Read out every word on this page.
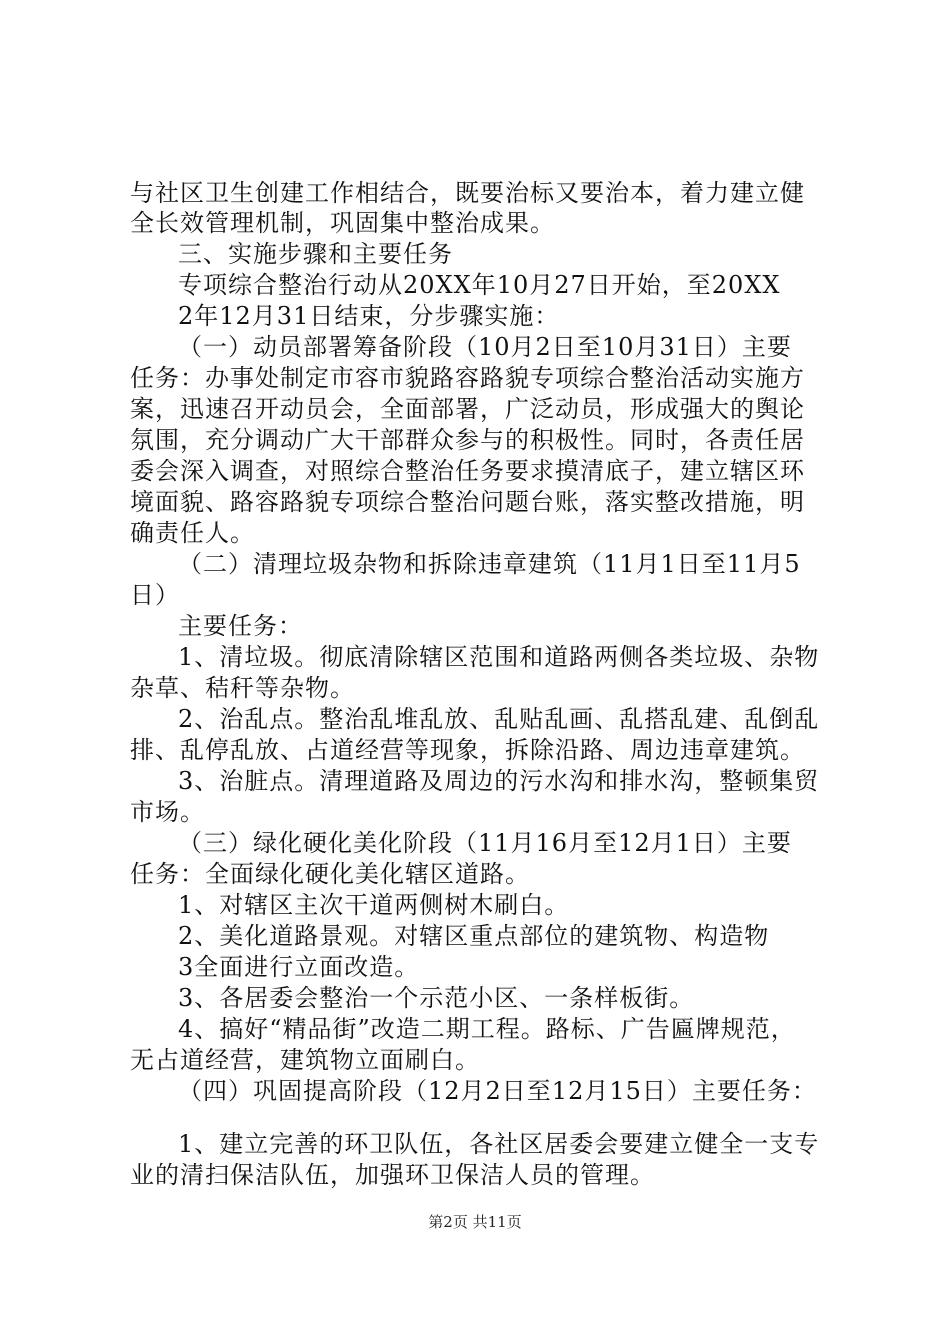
与社区卫生创建工作相结合，既要治标又要治本，着力建立健
全长效管理机制，巩固集中整治成果。
三、实施步骤和主要任务
专项综合整治行动从20XX年10月27日开始，至20XX
2年12月31日结束，分步骤实施：
（一）动员部署筹备阶段（10月2日至10月31日）主要
任务：办事处制定市容市貌路容路貌专项综合整治活动实施方
案，迅速召开动员会，全面部署，广泛动员，形成强大的舆论
氛围，充分调动广大干部群众参与的积极性。同时，各责任居
委会深入调查，对照综合整治任务要求摸清底子，建立辖区环
境面貌、路容路貌专项综合整治问题台账，落实整改措施，明
确责任人。
（二）清理垃圾杂物和拆除违章建筑（11月1日至11月5
日）
主要任务：
1、清垃圾。彻底清除辖区范围和道路两侧各类垃圾、杂物
杂草、秸秆等杂物。
2、治乱点。整治乱堆乱放、乱贴乱画、乱搭乱建、乱倒乱
排、乱停乱放、占道经营等现象，拆除沿路、周边违章建筑。
3、治脏点。清理道路及周边的污水沟和排水沟，整顿集贸
市场。
（三）绿化硬化美化阶段（11月16月至12月1日）主要
任务：全面绿化硬化美化辖区道路。
1、对辖区主次干道两侧树木刷白。
2、美化道路景观。对辖区重点部位的建筑物、构造物
3全面进行立面改造。
3、各居委会整治一个示范小区、一条样板街。
4、搞好“精品街”改造二期工程。路标、广告匾牌规范，
无占道经营，建筑物立面刷白。
（四）巩固提高阶段（12月2日至12月15日）主要任务：
1、建立完善的环卫队伍，各社区居委会要建立健全一支专
业的清扫保洁队伍，加强环卫保洁人员的管理。
第2页 共11页
